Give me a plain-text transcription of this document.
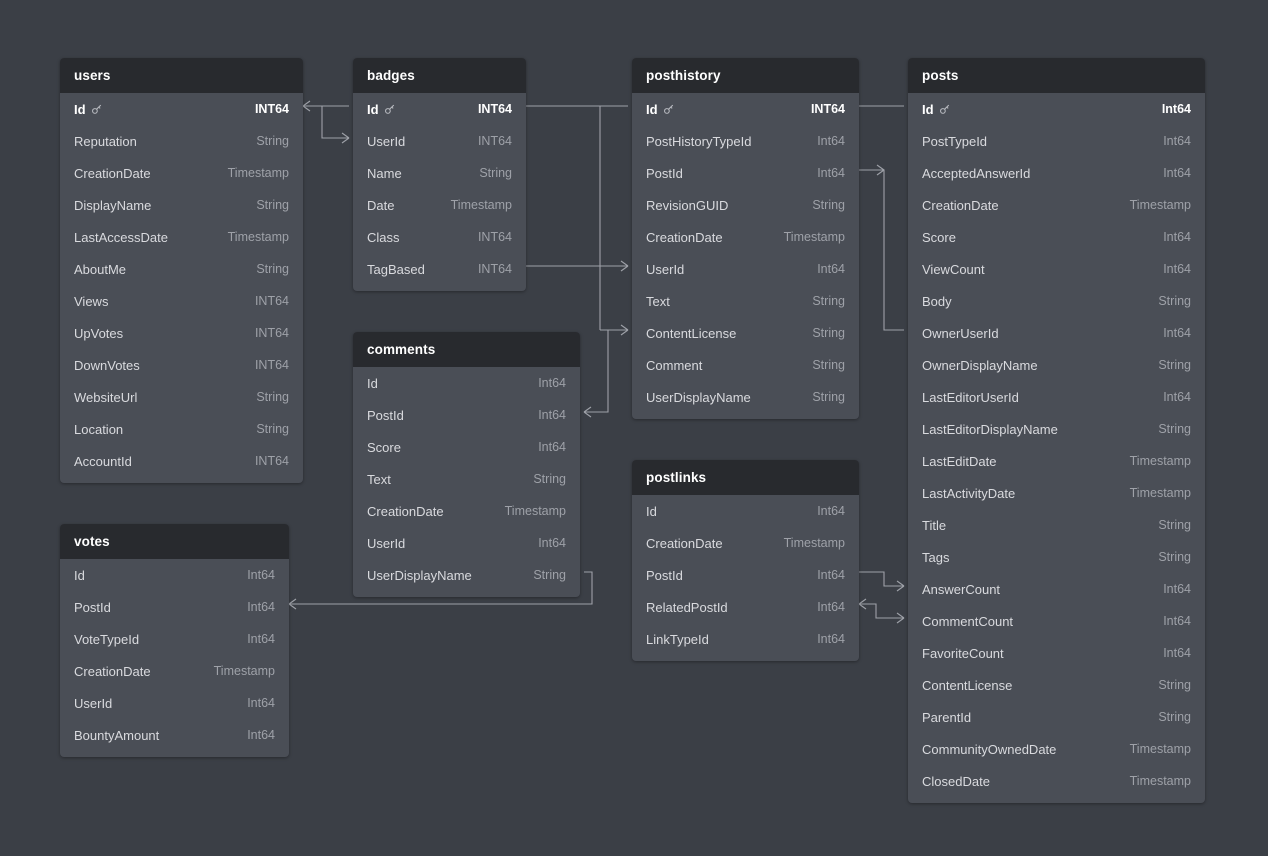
users
Id	INT64
Reputation	String
CreationDate	Timestamp
DisplayName	String
LastAccessDate	Timestamp
AboutMe	String
Views	INT64
UpVotes	INT64
DownVotes	INT64
WebsiteUrl	String
Location	String
AccountId	INT64
badges
Id	INT64
UserId	INT64
Name	String
Date	Timestamp
Class	INT64
TagBased	INT64
posthistory
Id	INT64
PostHistoryTypeId	Int64
PostId	Int64
RevisionGUID	String
CreationDate	Timestamp
UserId	Int64
Text	String
ContentLicense	String
Comment	String
UserDisplayName	String
posts
Id	Int64
PostTypeId	Int64
AcceptedAnswerId	Int64
CreationDate	Timestamp
Score	Int64
ViewCount	Int64
Body	String
OwnerUserId	Int64
OwnerDisplayName	String
LastEditorUserId	Int64
LastEditorDisplayName	String
LastEditDate	Timestamp
LastActivityDate	Timestamp
Title	String
Tags	String
AnswerCount	Int64
CommentCount	Int64
FavoriteCount	Int64
ContentLicense	String
ParentId	String
CommunityOwnedDate	Timestamp
ClosedDate	Timestamp
comments
Id	Int64
PostId	Int64
Score	Int64
Text	String
CreationDate	Timestamp
UserId	Int64
UserDisplayName	String
postlinks
Id	Int64
CreationDate	Timestamp
PostId	Int64
RelatedPostId	Int64
LinkTypeId	Int64
votes
Id	Int64
PostId	Int64
VoteTypeId	Int64
CreationDate	Timestamp
UserId	Int64
BountyAmount	Int64
